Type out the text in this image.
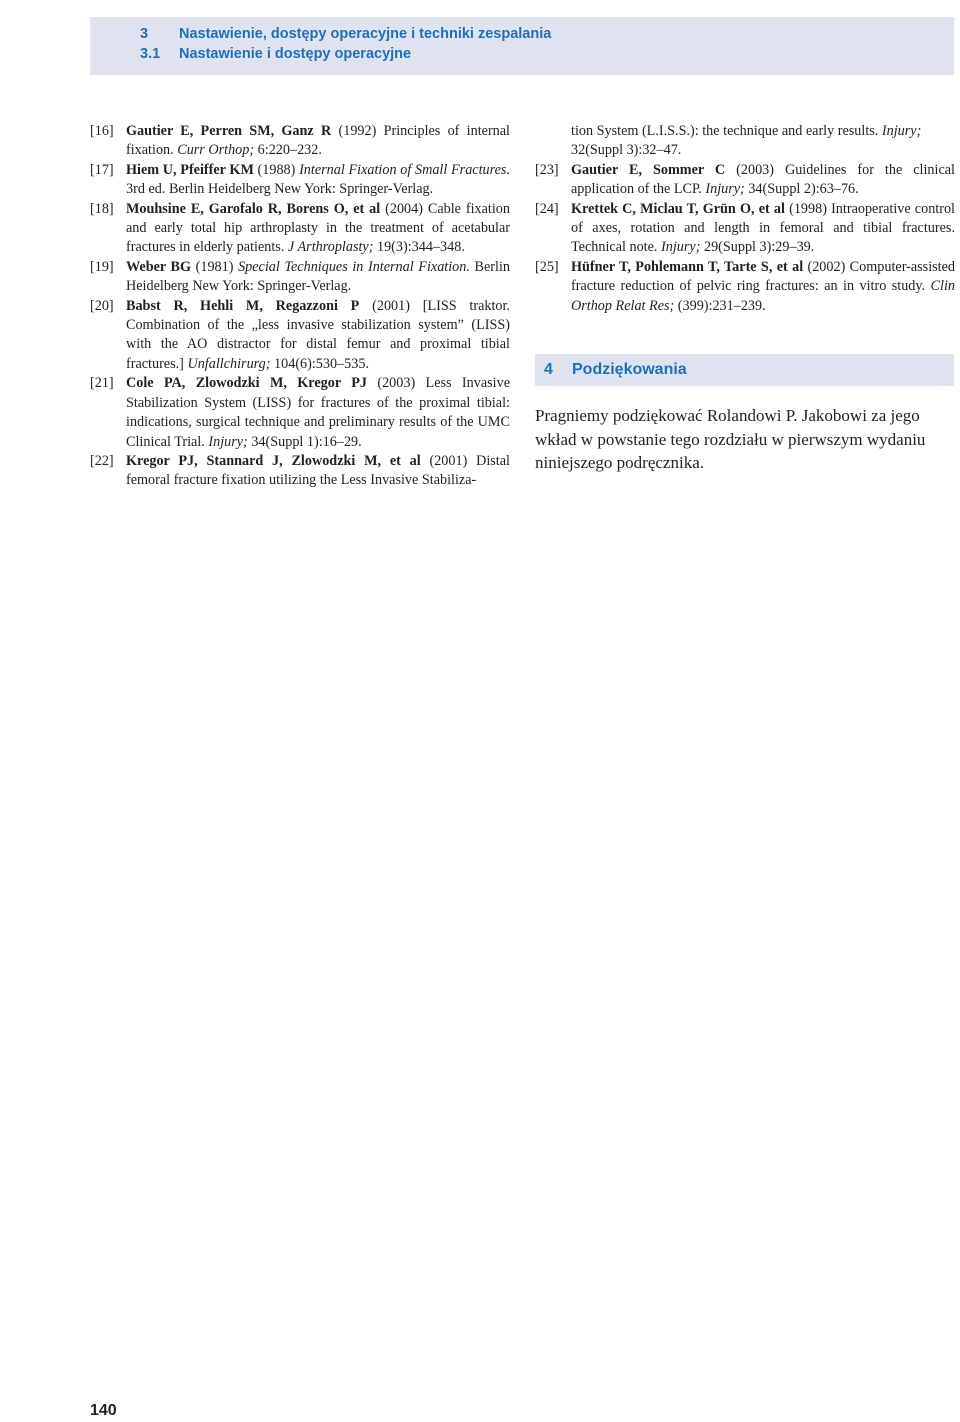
3 Nastawienie, dostępy operacyjne i techniki zespalania
3.1 Nastawienie i dostępy operacyjne
[16] Gautier E, Perren SM, Ganz R (1992) Principles of internal fixation. Curr Orthop; 6:220–232.
[17] Hiem U, Pfeiffer KM (1988) Internal Fixation of Small Fractures. 3rd ed. Berlin Heidelberg New York: Springer-Verlag.
[18] Mouhsine E, Garofalo R, Borens O, et al (2004) Cable fixation and early total hip arthroplasty in the treatment of acetabular fractures in elderly patients. J Arthroplasty; 19(3):344–348.
[19] Weber BG (1981) Special Techniques in Internal Fixation. Berlin Heidelberg New York: Springer-Verlag.
[20] Babst R, Hehli M, Regazzoni P (2001) [LISS traktor. Combination of the „less invasive stabilization system” (LISS) with the AO distractor for distal femur and proximal tibial fractures.] Unfallchirurg; 104(6):530–535.
[21] Cole PA, Zlowodzki M, Kregor PJ (2003) Less Invasive Stabilization System (LISS) for fractures of the proximal tibial: indications, surgical technique and preliminary results of the UMC Clinical Trial. Injury; 34(Suppl 1):16–29.
[22] Kregor PJ, Stannard J, Zlowodzki M, et al (2001) Distal femoral fracture fixation utilizing the Less Invasive Stabiliza-
tion System (L.I.S.S.): the technique and early results. Injury; 32(Suppl 3):32–47.
[23] Gautier E, Sommer C (2003) Guidelines for the clinical application of the LCP. Injury; 34(Suppl 2):63–76.
[24] Krettek C, Miclau T, Grün O, et al (1998) Intraoperative control of axes, rotation and length in femoral and tibial fractures. Technical note. Injury; 29(Suppl 3):29–39.
[25] Hüfner T, Pohlemann T, Tarte S, et al (2002) Computer-assisted fracture reduction of pelvic ring fractures: an in vitro study. Clin Orthop Relat Res; (399):231–239.
4 Podziękowania

Pragniemy podziękować Rolandowi P. Jakobowi za jego wkład w powstanie tego rozdziału w pierwszym wydaniu niniejszego podręcznika.

140
